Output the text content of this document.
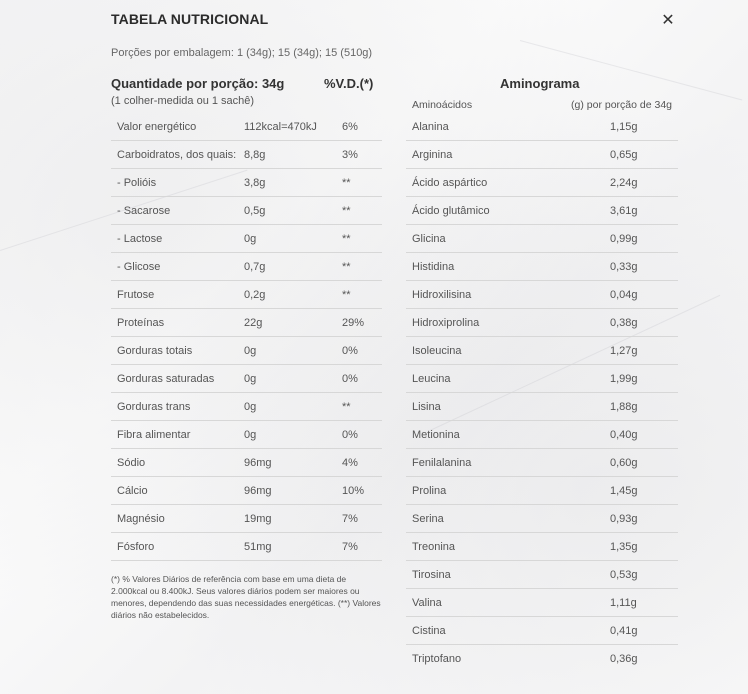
TABELA NUTRICIONAL	✕
Porções por embalagem: 1 (34g); 15 (34g); 15 (510g)
Quantidade por porção: 34g	%V.D.(*)
(1 colher-medida ou 1 sachê)
Valor energético	112kcal=470kJ	6%
Carboidratos, dos quais:	8,8g	3%
- Polióis	3,8g	**
- Sacarose	0,5g	**
- Lactose	0g	**
- Glicose	0,7g	**
Frutose	0,2g	**
Proteínas	22g	29%
Gorduras totais	0g	0%
Gorduras saturadas	0g	0%
Gorduras trans	0g	**
Fibra alimentar	0g	0%
Sódio	96mg	4%
Cálcio	96mg	10%
Magnésio	19mg	7%
Fósforo	51mg	7%
(*) % Valores Diários de referência com base em uma dieta de 2.000kcal ou 8.400kJ. Seus valores diários podem ser maiores ou menores, dependendo das suas necessidades energéticas. (**) Valores diários não estabelecidos.
Aminograma
Aminoácidos	(g) por porção de 34g
Alanina	1,15g
Arginina	0,65g
Ácido aspártico	2,24g
Ácido glutâmico	3,61g
Glicina	0,99g
Histidina	0,33g
Hidroxilisina	0,04g
Hidroxiprolina	0,38g
Isoleucina	1,27g
Leucina	1,99g
Lisina	1,88g
Metionina	0,40g
Fenilalanina	0,60g
Prolina	1,45g
Serina	0,93g
Treonina	1,35g
Tirosina	0,53g
Valina	1,11g
Cistina	0,41g
Triptofano	0,36g
